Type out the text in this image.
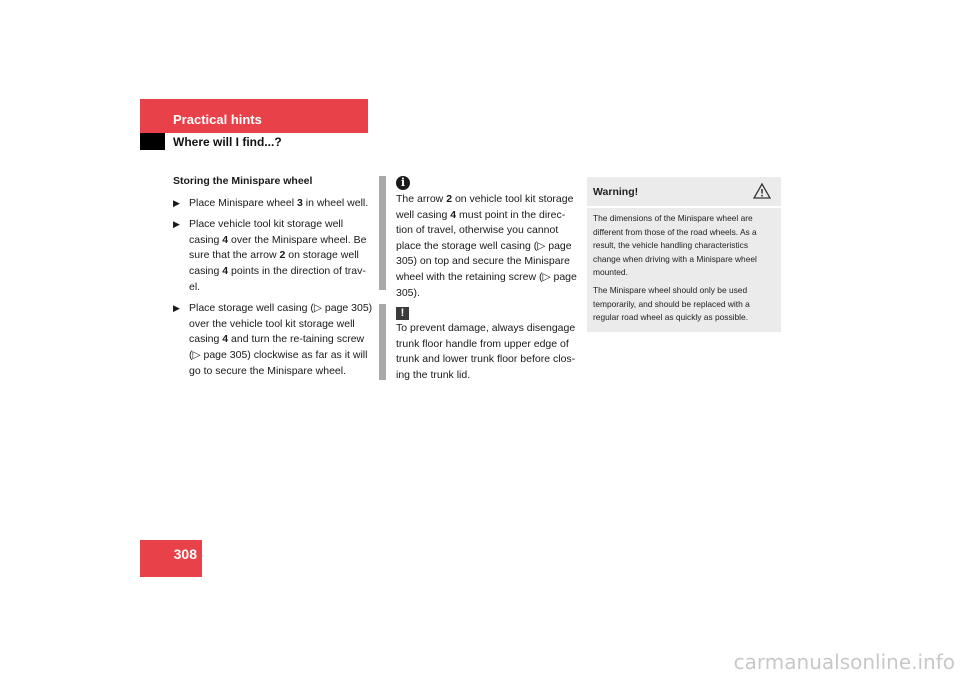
Practical hints
Where will I find...?
Storing the Minispare wheel
▶ Place Minispare wheel 3 in wheel well.
▶ Place vehicle tool kit storage well casing 4 over the Minispare wheel. Be sure that the arrow 2 on storage well casing 4 points in the direction of trav-el.
▶ Place storage well casing (▷ page 305) over the vehicle tool kit storage well casing 4 and turn the re-taining screw (▷ page 305) clockwise as far as it will go to secure the Minispare wheel.
i
The arrow 2 on vehicle tool kit storage well casing 4 must point in the direc-tion of travel, otherwise you cannot place the storage well casing (▷ page 305) on top and secure the Minispare wheel with the retaining screw (▷ page 305).
!
To prevent damage, always disengage trunk floor handle from upper edge of trunk and lower trunk floor before clos-ing the trunk lid.
Warning!

The dimensions of the Minispare wheel are different from those of the road wheels. As a result, the vehicle handling characteristics change when driving with a Minispare wheel mounted.

The Minispare wheel should only be used temporarily, and should be replaced with a regular road wheel as quickly as possible.

308
carmanualsonline.info
